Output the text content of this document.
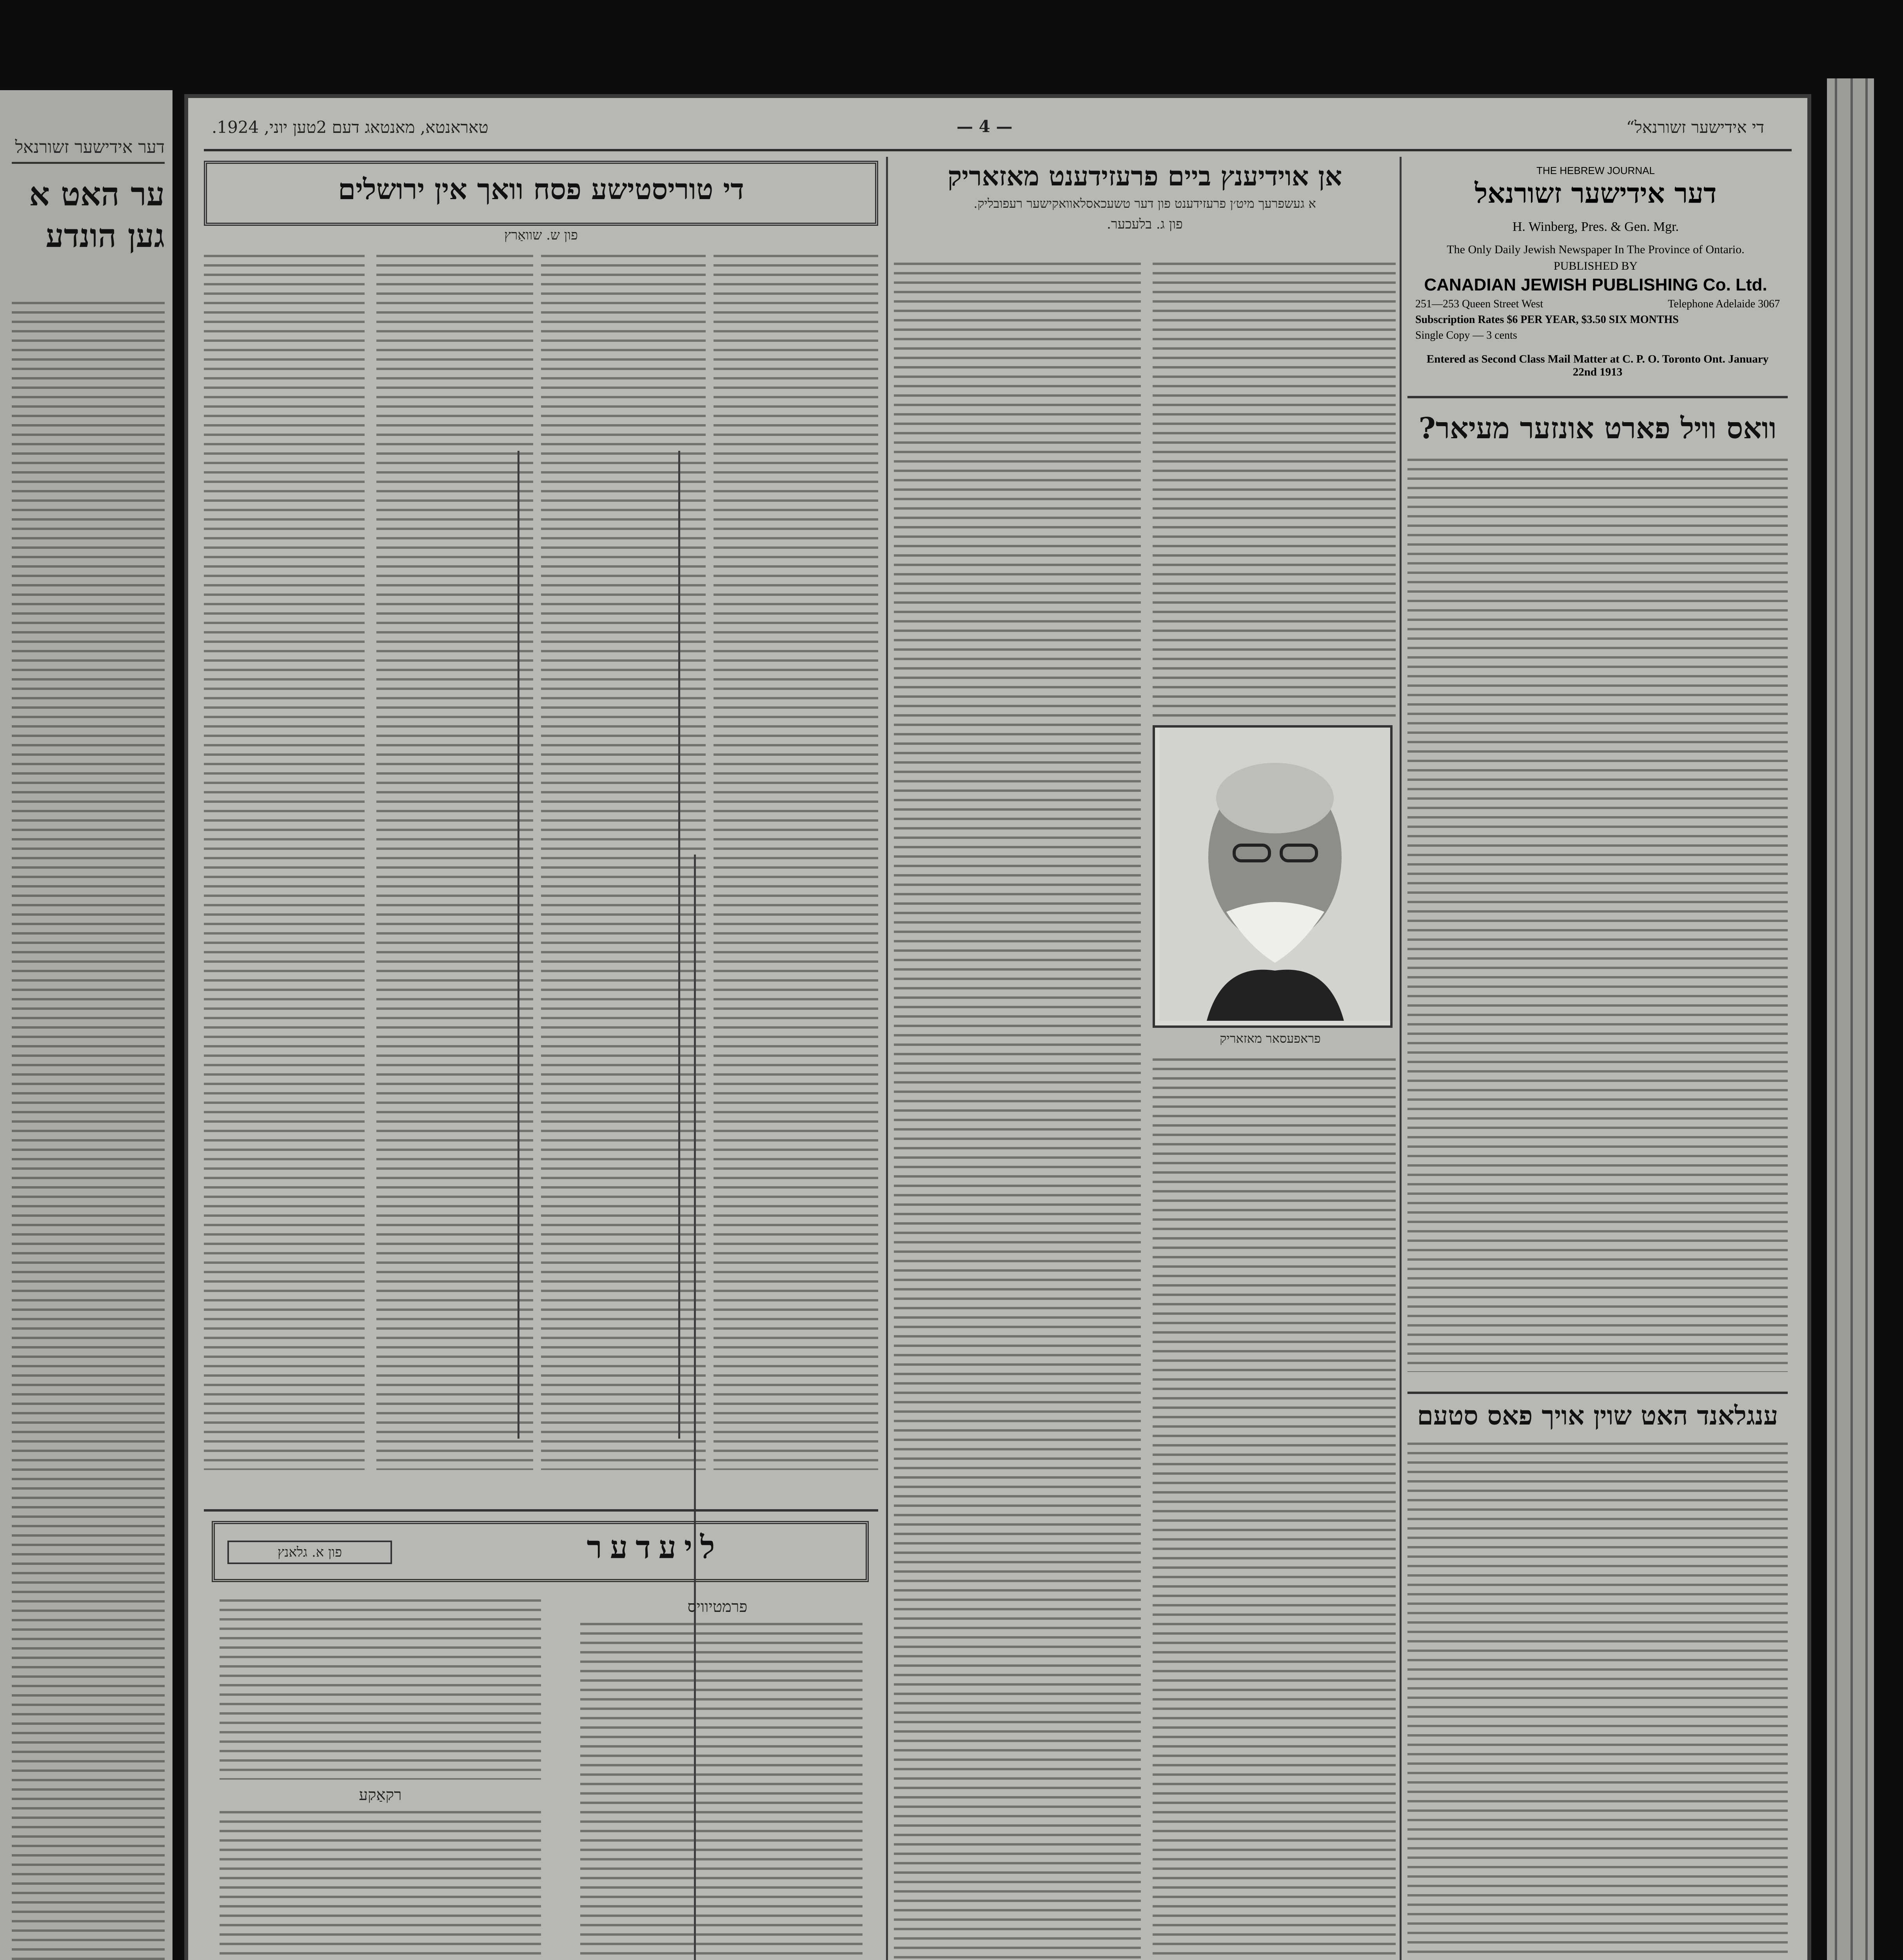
דער אידישער זשורנאל
ער האט א
גען הונדע
די אידישער זשורנאל“
— 4 —
טאראנטא, מאנטאג דעם 2טען יוני, 1924.
THE HEBREW JOURNAL
דער אידישער זשורנאל
H. Winberg, Pres. & Gen. Mgr.
The Only Daily Jewish Newspaper In The Province of Ontario.
PUBLISHED BY
CANADIAN JEWISH PUBLISHING Co. Ltd.
251—253 Queen Street West	Telephone Adelaide 3067
Subscription Rates $6 PER YEAR, $3.50 SIX MONTHS
Single Copy — 3 cents
Entered as Second Class Mail Matter at C. P. O. Toronto Ont. January 22nd 1913
וואס וויל פארט אונזער מעיאר?
ענגלאנד האט שוין אויך פאס סטעם
אן אוידיענץ ביים פרעזידענט מאזאריק
א געשפרעך מיט׳ן פרעזידענט פון דער טשעכאסלאוואקישער רעפובליק.
פון ג. בלעכער.
פראפעסאר מאזאריק
די טוריסטישע פסח וואך אין ירושלים
פון ש. שוואַרץ
ליעדער
פון א. גלאנץ
פרמטיוויס
רקאַקע
